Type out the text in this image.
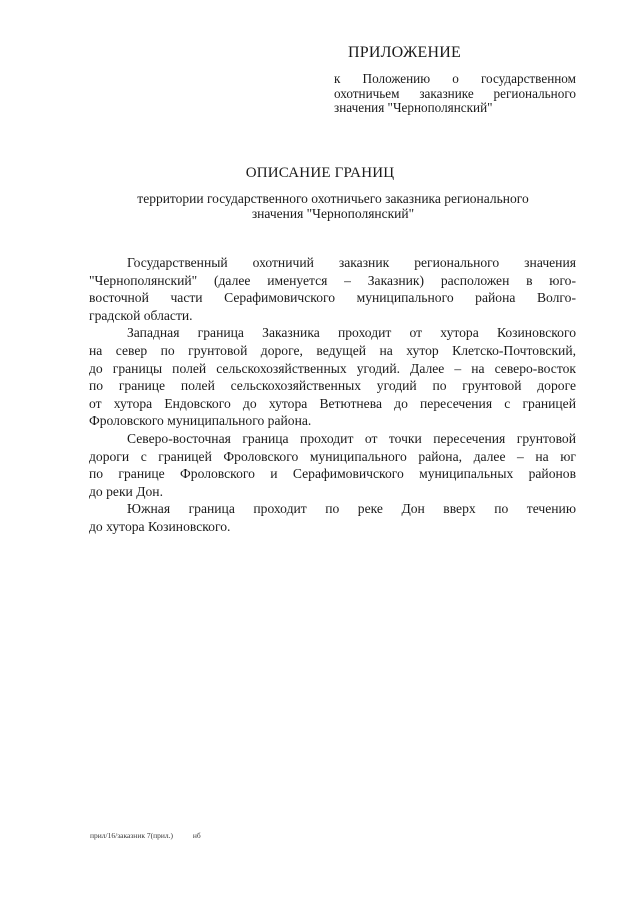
ПРИЛОЖЕНИЕ
к Положению о государственном
охотничьем заказнике регионального
значения "Чернополянский"
ОПИСАНИЕ ГРАНИЦ
территории государственного охотничьего заказника регионального
значения "Чернополянский"
Государственный охотничий заказник регионального значения
"Чернополянский" (далее именуется – Заказник) расположен в юго-
восточной части Серафимовичского муниципального района Волго-
градской области.
Западная граница Заказника проходит от хутора Козиновского
на север по грунтовой дороге, ведущей на хутор Клетско-Почтовский,
до границы полей сельскохозяйственных угодий. Далее – на северо-восток
по границе полей сельскохозяйственных угодий по грунтовой дороге
от хутора Ендовского до хутора Ветютнева до пересечения с границей
Фроловского муниципального района.
Северо-восточная граница проходит от точки пересечения грунтовой
дороги с границей Фроловского муниципального района, далее – на юг
по границе Фроловского и Серафимовичского муниципальных районов
до реки Дон.
Южная граница проходит по реке Дон вверх по течению
до хутора Козиновского.
прил/16/заказник 7(прил.)	нб
